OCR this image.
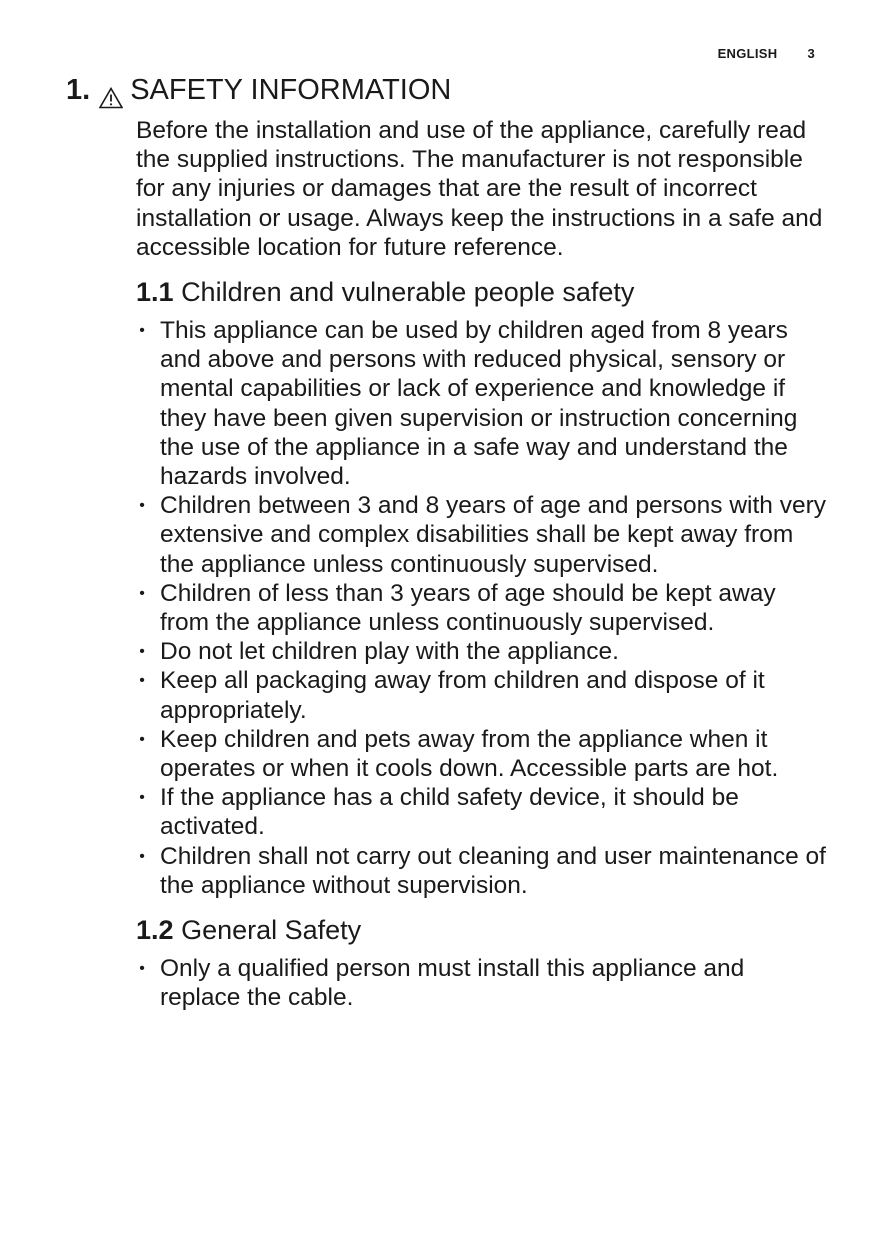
ENGLISH 3
1. SAFETY INFORMATION

Before the installation and use of the appliance, carefully read the supplied instructions. The manufacturer is not responsible for any injuries or damages that are the result of incorrect installation or usage. Always keep the instructions in a safe and accessible location for future reference.

1.1 Children and vulnerable people safety
• This appliance can be used by children aged from 8 years and above and persons with reduced physical, sensory or mental capabilities or lack of experience and knowledge if they have been given supervision or instruction concerning the use of the appliance in a safe way and understand the hazards involved.
• Children between 3 and 8 years of age and persons with very extensive and complex disabilities shall be kept away from the appliance unless continuously supervised.
• Children of less than 3 years of age should be kept away from the appliance unless continuously supervised.
• Do not let children play with the appliance.
• Keep all packaging away from children and dispose of it appropriately.
• Keep children and pets away from the appliance when it operates or when it cools down. Accessible parts are hot.
• If the appliance has a child safety device, it should be activated.
• Children shall not carry out cleaning and user maintenance of the appliance without supervision.
1.2 General Safety
• Only a qualified person must install this appliance and replace the cable.
